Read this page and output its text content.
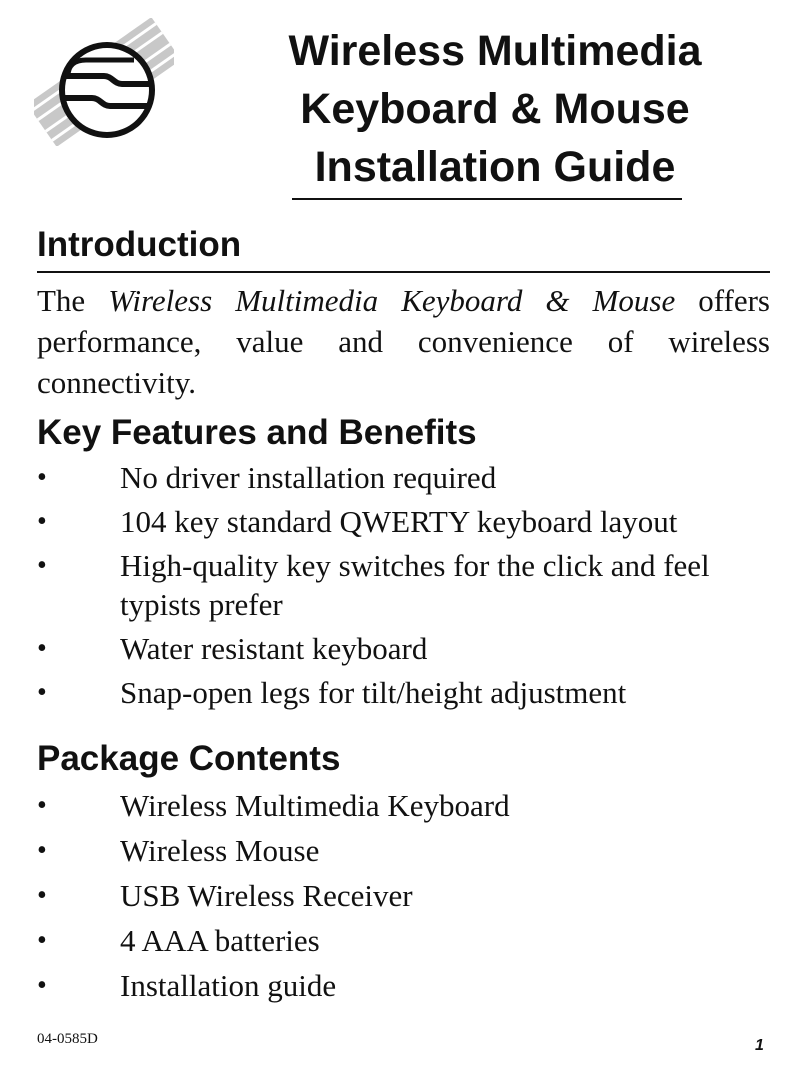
Wireless Multimedia
Keyboard & Mouse
Installation Guide
Introduction

The Wireless Multimedia Keyboard & Mouse offers performance, value and convenience of wireless connectivity.

Key Features and Benefits
• No driver installation required
• 104 key standard QWERTY keyboard layout
• High-quality key switches for the click and feel typists prefer
• Water resistant keyboard
• Snap-open legs for tilt/height adjustment
Package Contents
• Wireless Multimedia Keyboard
• Wireless Mouse
• USB Wireless Receiver
• 4 AAA batteries
• Installation guide

04-0585D	1
